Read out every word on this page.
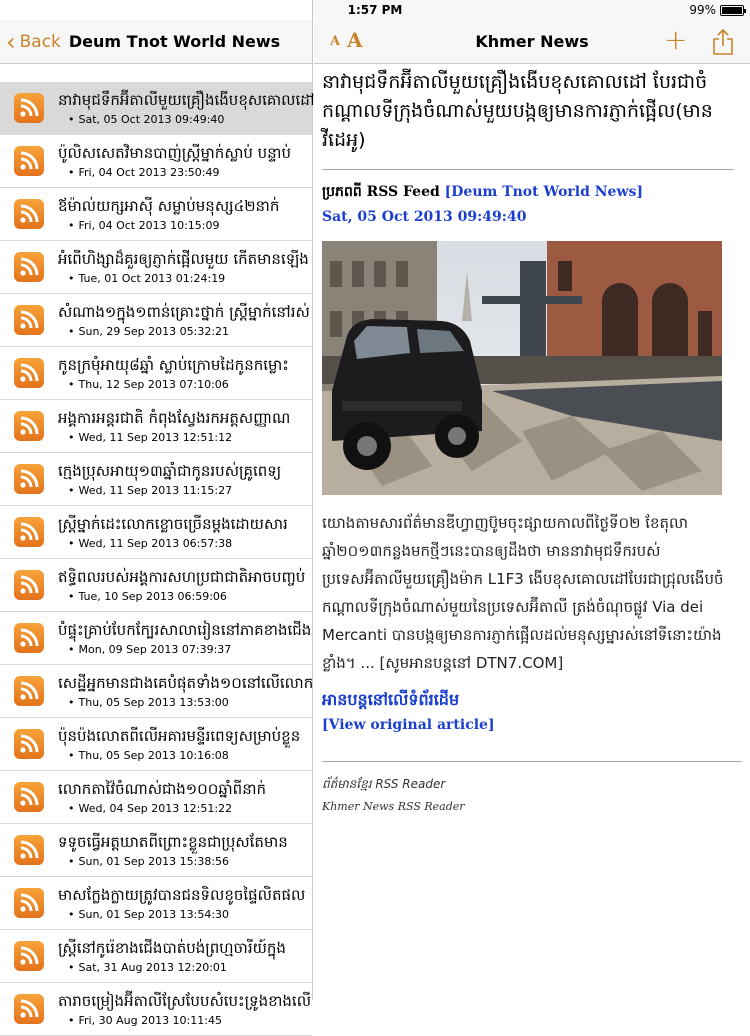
1:57 PM	99%
‹ Back Deum Tnot World News
នាវាមុជទឹកអ៊ីតាលីមួយគ្រឿងងើបខុសគោលដៅ
• Sat, 05 Oct 2013 09:49:40
ប៉ូលិសសេតវិមានបាញ់ស្ត្រីម្នាក់ស្លាប់ បន្ទាប់
• Fri, 04 Oct 2013 23:50:49
ឪម៉ាល់យក្សអាស៊ី សម្លាប់មនុស្ស៤២នាក់
• Fri, 04 Oct 2013 10:15:09
អំពើហិង្សាដ៏គួរឲ្យភ្ញាក់ផ្អើលមួយ កើតមានឡើង
• Tue, 01 Oct 2013 01:24:19
សំណាង១ក្នុង១ពាន់គ្រោះថ្នាក់ ស្ត្រីម្នាក់នៅរស់
• Sun, 29 Sep 2013 05:32:21
កូនក្រមុំអាយុ៨ឆ្នាំ ស្លាប់ក្រោមដៃកូនកម្លោះ
• Thu, 12 Sep 2013 07:10:06
អង្គការអន្តរជាតិ កំពុងស្វែងរកអត្តសញ្ញាណ
• Wed, 11 Sep 2013 12:51:12
ក្មេងប្រុសអាយុ១៣ឆ្នាំជាកូនរបស់គ្រូពេទ្យ
• Wed, 11 Sep 2013 11:15:27
ស្ត្រីម្នាក់ដេះលោកខ្លោចច្រើនម្តងដោយសារ
• Wed, 11 Sep 2013 06:57:38
ឥទ្ធិពលរបស់អង្គការសហប្រជាជាតិអាចបញ្ចប់
• Tue, 10 Sep 2013 06:59:06
បំផ្ទុះគ្រាប់បែកក្បែរសាលារៀននៅភាគខាងជើង
• Mon, 09 Sep 2013 07:39:37
សេដ្ឋីអ្នកមានជាងគេបំផុតទាំង១០នៅលើលោក
• Thu, 05 Sep 2013 13:53:00
ប៉ុនប៉ងលោតពីលើអគារមន្ទីរពេទ្យសម្រាប់ខ្លួន
• Thu, 05 Sep 2013 10:16:08
លោកតាវ៉ៃចំណាស់ជាង១០០ឆ្នាំពីនាក់
• Wed, 04 Sep 2013 12:51:22
ទទូចធ្វើអត្តឃាតពីព្រោះខ្លួនជាប្រុសតែមាន
• Sun, 01 Sep 2013 15:38:56
មាសក្លែងក្លាយត្រូវបានជនទិលខូចផ្ទៃលិតផល
• Sun, 01 Sep 2013 13:54:30
ស្ត្រីនៅកូរ៉េខាងជើងបាត់បង់ព្រហ្មចារីយ៍ក្នុង
• Sat, 31 Aug 2013 12:20:01
តារាចម្រៀងអ៊ីតាលីស្រែបែបសំបេះទ្រូងខាងលើ
• Fri, 30 Aug 2013 10:11:45
A A	Khmer News	+
នាវាមុជទឹកអ៊ីតាលីមួយគ្រឿងងើបខុសគោលដៅ បែរជាចំកណ្តាលទីក្រុងចំណាស់មួយបង្កឲ្យមានការភ្ញាក់ផ្អើល(មានវីដេអូ)
ប្រភពពី RSS Feed [Deum Tnot World News]
Sat, 05 Oct 2013 09:49:40
យោងតាមសារព័ត៌មានឌីហ្វាញប៊ូមចុះផ្សាយកាលពីថ្ងៃទី០២ ខែតុលា ឆ្នាំ២០១៣កន្លងមកថ្មីៗនេះបានឲ្យដឹងថា មាននាវាមុជទឹករបស់ប្រទេសអ៊ីតាលីមួយគ្រឿងម៉ាក L1F3 ងើបខុសគោលដៅបែរជាជ្រុលងើបចំកណ្តាលទីក្រុងចំណាស់មួយនៃប្រទេសអ៊ីតាលី ត្រង់ចំណុចផ្លូវ Via dei Mercanti បានបង្កឲ្យមានការភ្ញាក់ផ្អើលដល់មនុស្សម្នារស់នៅទីនោះយ៉ាងខ្លាំង។ ... [សូមអានបន្តនៅ DTN7.COM]
អានបន្តនៅលើទំព័រដើម
[View original article]
ព័ត៌មានខ្មែរ RSS Reader
Khmer News RSS Reader
